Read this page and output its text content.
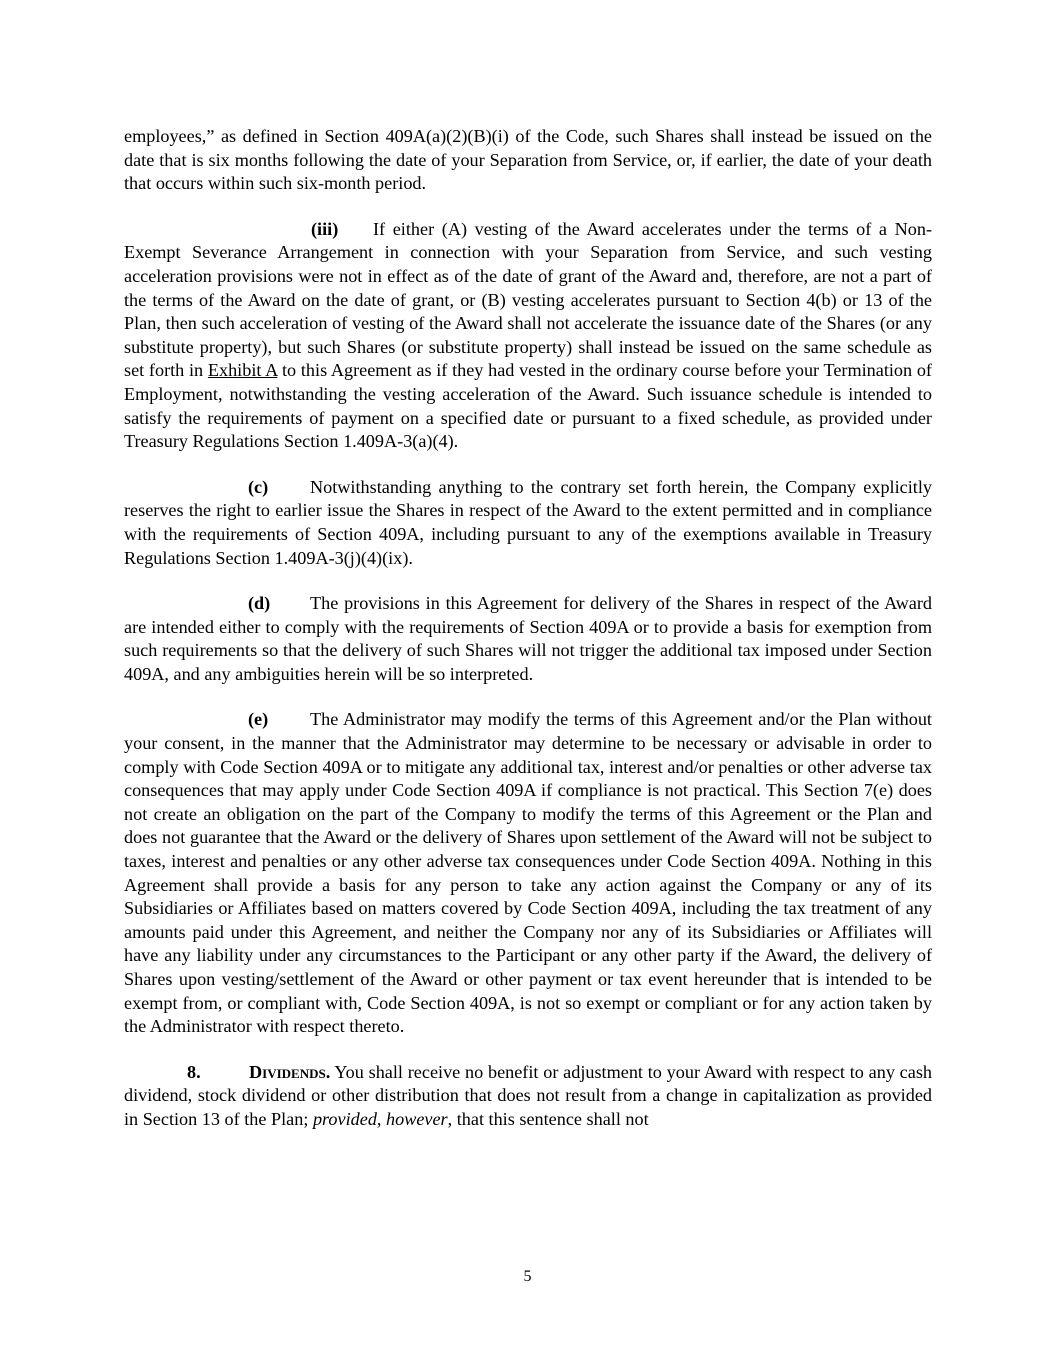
employees,” as defined in Section 409A(a)(2)(B)(i) of the Code, such Shares shall instead be issued on the date that is six months following the date of your Separation from Service, or, if earlier, the date of your death that occurs within such six-month period.

(iii) If either (A) vesting of the Award accelerates under the terms of a Non-Exempt Severance Arrangement in connection with your Separation from Service, and such vesting acceleration provisions were not in effect as of the date of grant of the Award and, therefore, are not a part of the terms of the Award on the date of grant, or (B) vesting accelerates pursuant to Section 4(b) or 13 of the Plan, then such acceleration of vesting of the Award shall not accelerate the issuance date of the Shares (or any substitute property), but such Shares (or substitute property) shall instead be issued on the same schedule as set forth in Exhibit A to this Agreement as if they had vested in the ordinary course before your Termination of Employment, notwithstanding the vesting acceleration of the Award. Such issuance schedule is intended to satisfy the requirements of payment on a specified date or pursuant to a fixed schedule, as provided under Treasury Regulations Section 1.409A-3(a)(4).

(c) Notwithstanding anything to the contrary set forth herein, the Company explicitly reserves the right to earlier issue the Shares in respect of the Award to the extent permitted and in compliance with the requirements of Section 409A, including pursuant to any of the exemptions available in Treasury Regulations Section 1.409A-3(j)(4)(ix).

(d) The provisions in this Agreement for delivery of the Shares in respect of the Award are intended either to comply with the requirements of Section 409A or to provide a basis for exemption from such requirements so that the delivery of such Shares will not trigger the additional tax imposed under Section 409A, and any ambiguities herein will be so interpreted.

(e) The Administrator may modify the terms of this Agreement and/or the Plan without your consent, in the manner that the Administrator may determine to be necessary or advisable in order to comply with Code Section 409A or to mitigate any additional tax, interest and/or penalties or other adverse tax consequences that may apply under Code Section 409A if compliance is not practical. This Section 7(e) does not create an obligation on the part of the Company to modify the terms of this Agreement or the Plan and does not guarantee that the Award or the delivery of Shares upon settlement of the Award will not be subject to taxes, interest and penalties or any other adverse tax consequences under Code Section 409A. Nothing in this Agreement shall provide a basis for any person to take any action against the Company or any of its Subsidiaries or Affiliates based on matters covered by Code Section 409A, including the tax treatment of any amounts paid under this Agreement, and neither the Company nor any of its Subsidiaries or Affiliates will have any liability under any circumstances to the Participant or any other party if the Award, the delivery of Shares upon vesting/settlement of the Award or other payment or tax event hereunder that is intended to be exempt from, or compliant with, Code Section 409A, is not so exempt or compliant or for any action taken by the Administrator with respect thereto.

8.	Dividends. You shall receive no benefit or adjustment to your Award with respect to any cash dividend, stock dividend or other distribution that does not result from a change in capitalization as provided in Section 13 of the Plan; provided, however, that this sentence shall not

5
